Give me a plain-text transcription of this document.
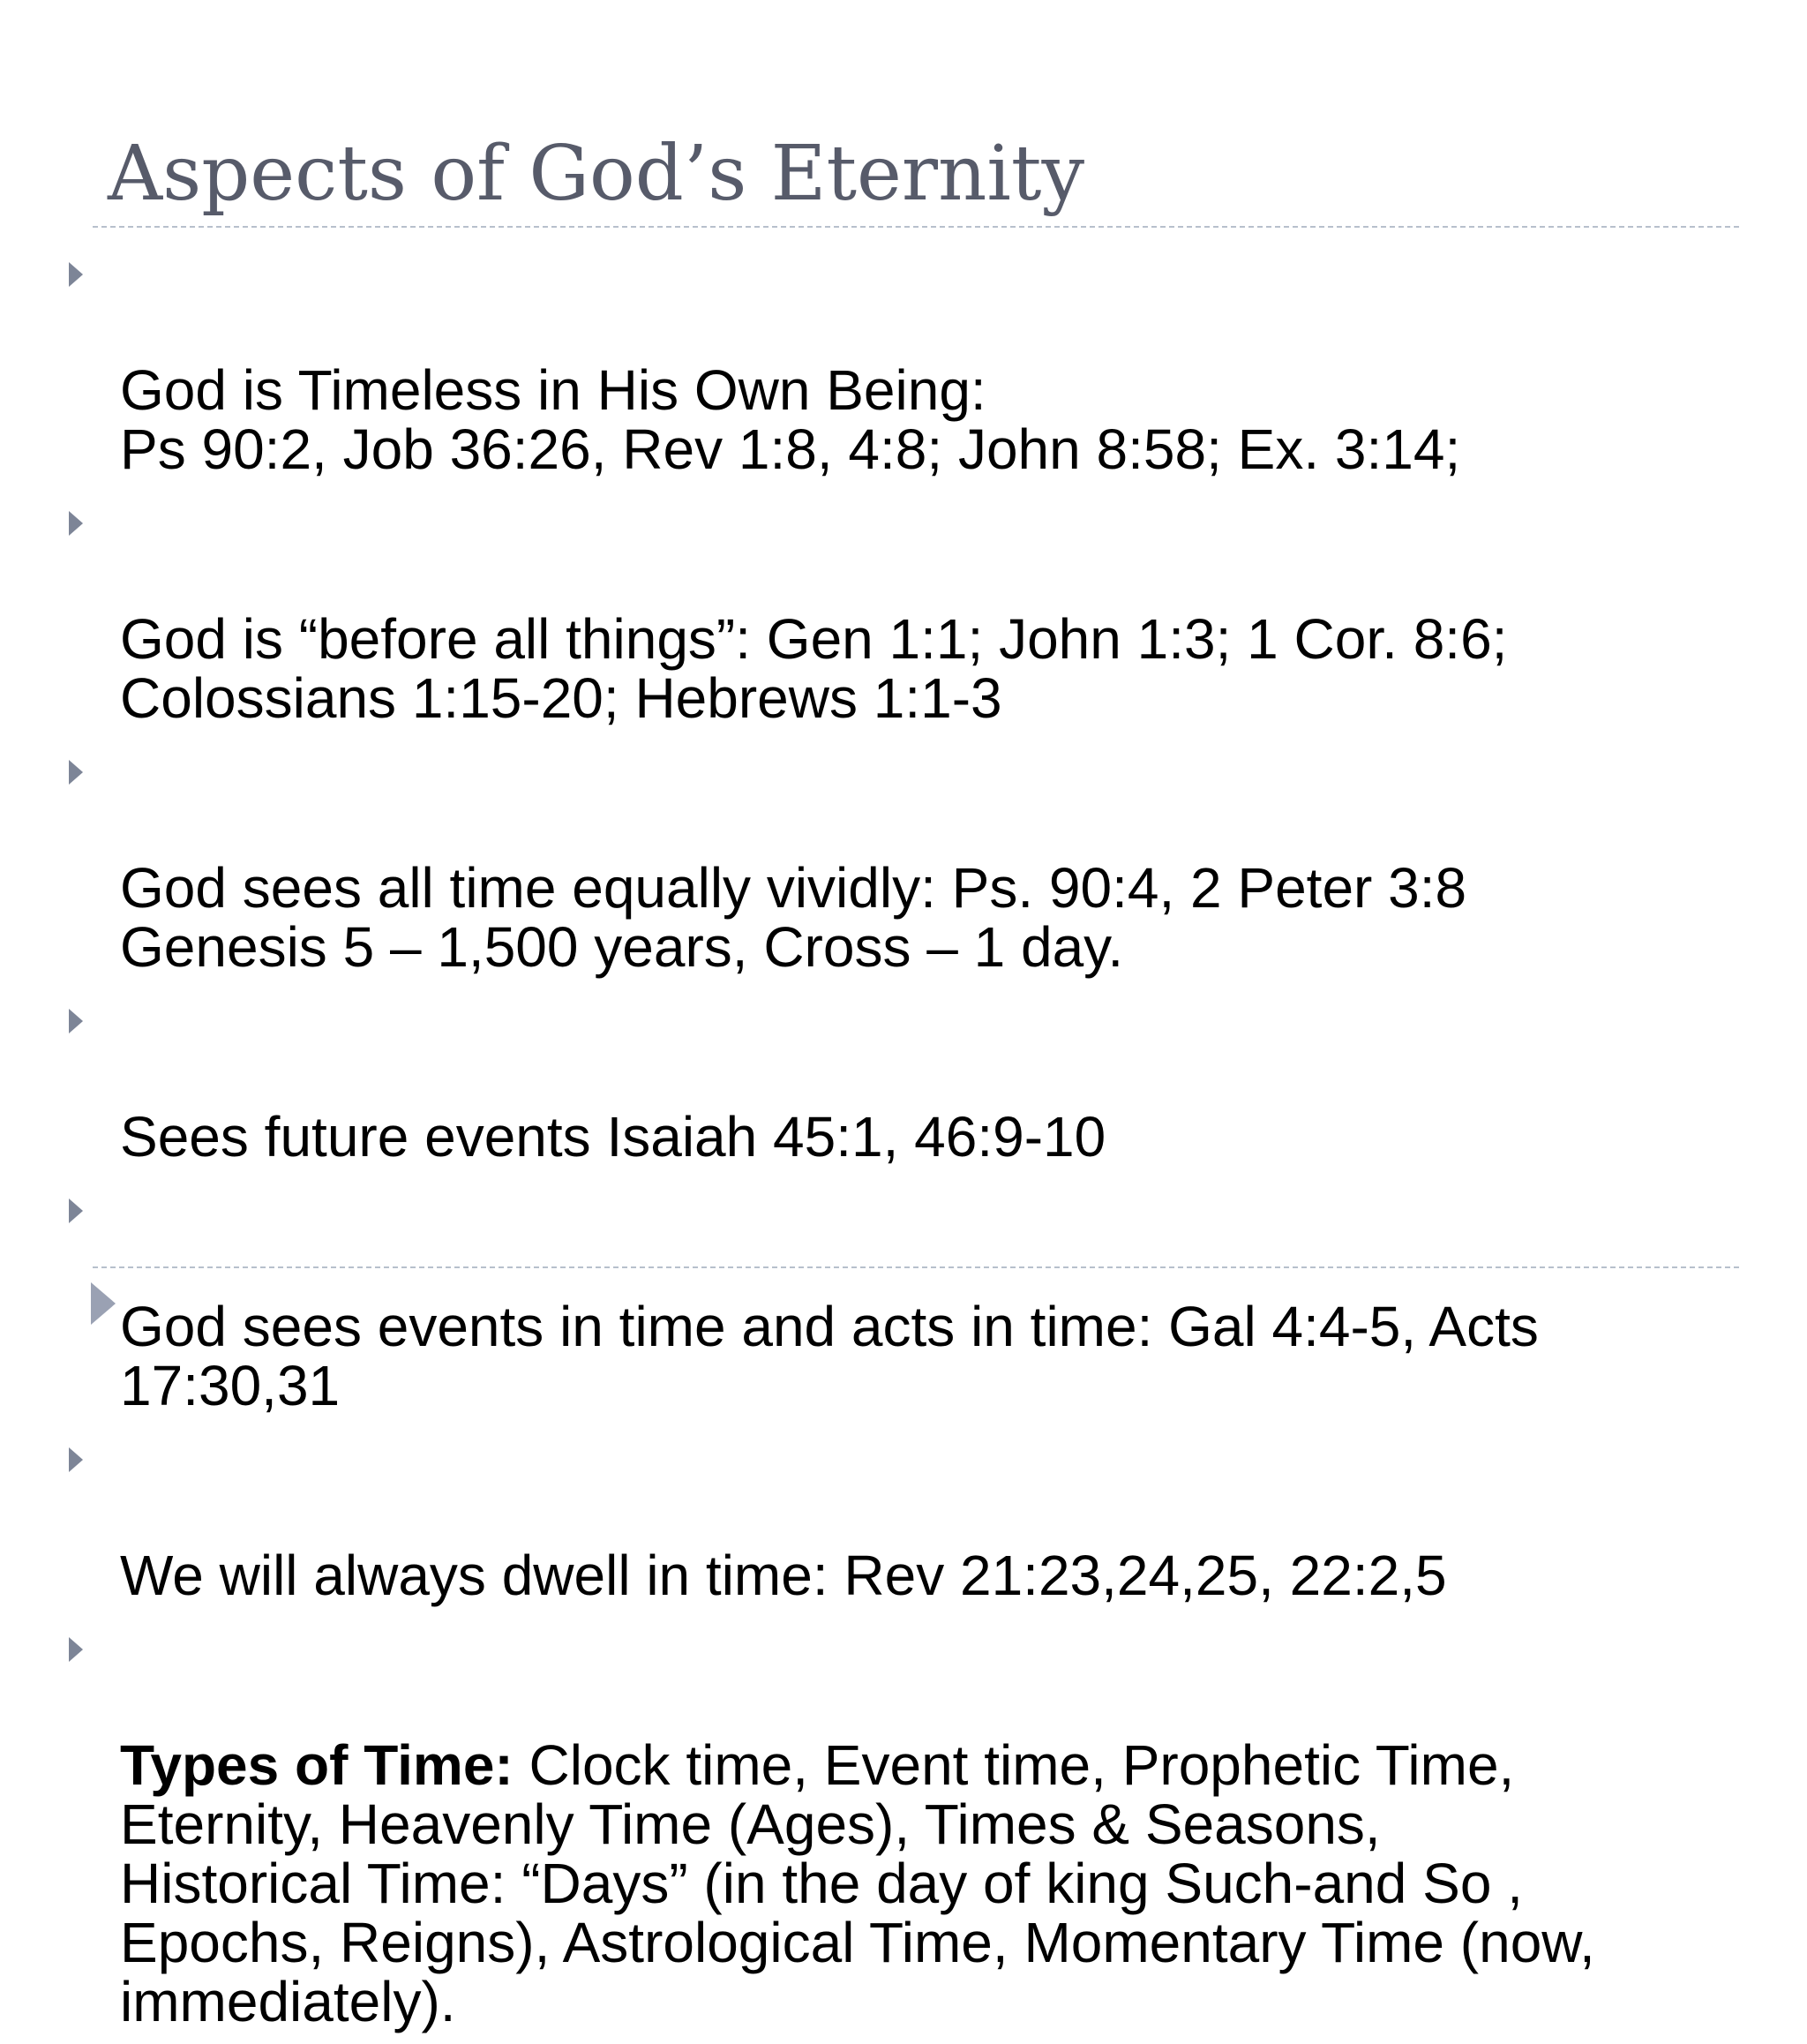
Aspects of God’s Eternity

God is Timeless in His Own Being:
Ps 90:2, Job 36:26, Rev 1:8, 4:8; John 8:58; Ex. 3:14;

God is “before all things”: Gen 1:1; John 1:3; 1 Cor. 8:6;
Colossians 1:15-20; Hebrews 1:1-3

God sees all time equally vividly: Ps. 90:4, 2 Peter 3:8
Genesis 5 – 1,500 years, Cross – 1 day.

Sees future events Isaiah 45:1, 46:9-10

God sees events in time and acts in time: Gal 4:4-5, Acts
17:30,31

We will always dwell in time: Rev 21:23,24,25, 22:2,5

Types of Time: Clock time, Event time, Prophetic Time,
Eternity, Heavenly Time (Ages), Times & Seasons,
Historical Time: “Days” (in the day of king Such-and So ,
Epochs, Reigns), Astrological Time, Momentary Time (now,
immediately).
